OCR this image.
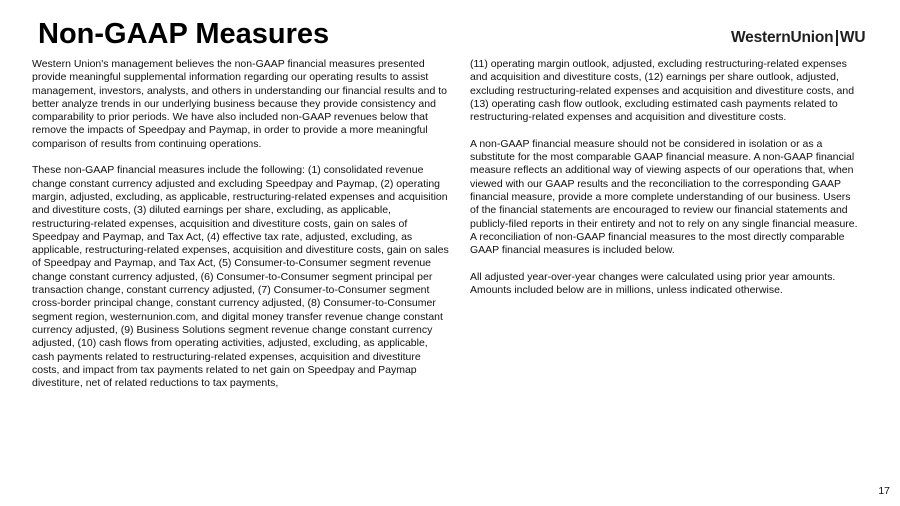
Non-GAAP Measures	WesternUnion WU

Western Union's management believes the non-GAAP financial measures presented provide meaningful supplemental information regarding our operating results to assist management, investors, analysts, and others in understanding our financial results and to better analyze trends in our underlying business because they provide consistency and comparability to prior periods. We have also included non-GAAP revenues below that remove the impacts of Speedpay and Paymap, in order to provide a more meaningful comparison of results from continuing operations.

These non-GAAP financial measures include the following: (1) consolidated revenue change constant currency adjusted and excluding Speedpay and Paymap, (2) operating margin, adjusted, excluding, as applicable, restructuring-related expenses and acquisition and divestiture costs, (3) diluted earnings per share, excluding, as applicable, restructuring-related expenses, acquisition and divestiture costs, gain on sales of Speedpay and Paymap, and Tax Act, (4) effective tax rate, adjusted, excluding, as applicable, restructuring-related expenses, acquisition and divestiture costs, gain on sales of Speedpay and Paymap, and Tax Act, (5) Consumer-to-Consumer segment revenue change constant currency adjusted, (6) Consumer-to-Consumer segment principal per transaction change, constant currency adjusted, (7) Consumer-to-Consumer segment cross-border principal change, constant currency adjusted, (8) Consumer-to-Consumer segment region, westernunion.com, and digital money transfer revenue change constant currency adjusted, (9) Business Solutions segment revenue change constant currency adjusted, (10) cash flows from operating activities, adjusted, excluding, as applicable, cash payments related to restructuring-related expenses, acquisition and divestiture costs, and impact from tax payments related to net gain on Speedpay and Paymap divestiture, net of related reductions to tax payments,

(11) operating margin outlook, adjusted, excluding restructuring-related expenses and acquisition and divestiture costs, (12) earnings per share outlook, adjusted, excluding restructuring-related expenses and acquisition and divestiture costs, and (13) operating cash flow outlook, excluding estimated cash payments related to restructuring-related expenses and acquisition and divestiture costs.

A non-GAAP financial measure should not be considered in isolation or as a substitute for the most comparable GAAP financial measure. A non-GAAP financial measure reflects an additional way of viewing aspects of our operations that, when viewed with our GAAP results and the reconciliation to the corresponding GAAP financial measure, provide a more complete understanding of our business. Users of the financial statements are encouraged to review our financial statements and publicly-filed reports in their entirety and not to rely on any single financial measure. A reconciliation of non-GAAP financial measures to the most directly comparable GAAP financial measures is included below.

All adjusted year-over-year changes were calculated using prior year amounts. Amounts included below are in millions, unless indicated otherwise.

17
